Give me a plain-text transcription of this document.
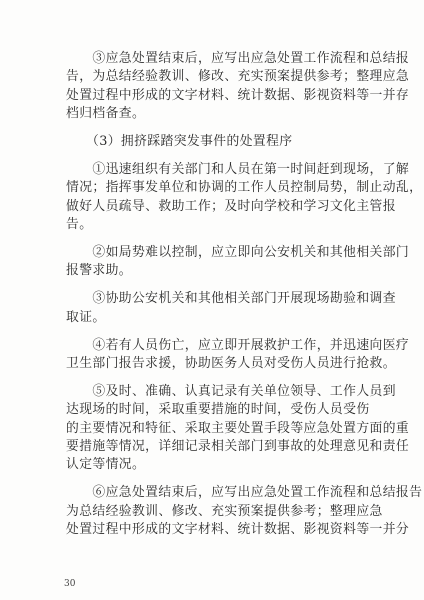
　　③应急处置结束后，应写出应急处置工作流程和总结报
告，为总结经验教训、修改、充实预案提供参考；整理应急
处置过程中形成的文字材料、统计数据、影视资料等一并存
档归档备查。
　　（3）拥挤踩踏突发事件的处置程序
　　①迅速组织有关部门和人员在第一时间赶到现场，了解
情况；指挥事发单位和协调的工作人员控制局势，制止动乱，
做好人员疏导、救助工作；及时向学校和学习文化主管报
告。
　　②如局势难以控制，应立即向公安机关和其他相关部门
报警求助。
　　③协助公安机关和其他相关部门开展现场勘验和调查
取证。
　　④若有人员伤亡，应立即开展救护工作，并迅速向医疗
卫生部门报告求援，协助医务人员对受伤人员进行抢救。
　　⑤及时、准确、认真记录有关单位领导、工作人员到
达现场的时间，采取重要措施的时间，受伤人员受伤
的主要情况和特征、采取主要处置手段等应急处置方面的重
要措施等情况，详细记录相关部门到事故的处理意见和责任
认定等情况。
　　⑥应急处置结束后，应写出应急处置工作流程和总结报告
为总结经验教训、修改、充实预案提供参考；整理应急
处置过程中形成的文字材料、统计数据、影视资料等一并分
30
